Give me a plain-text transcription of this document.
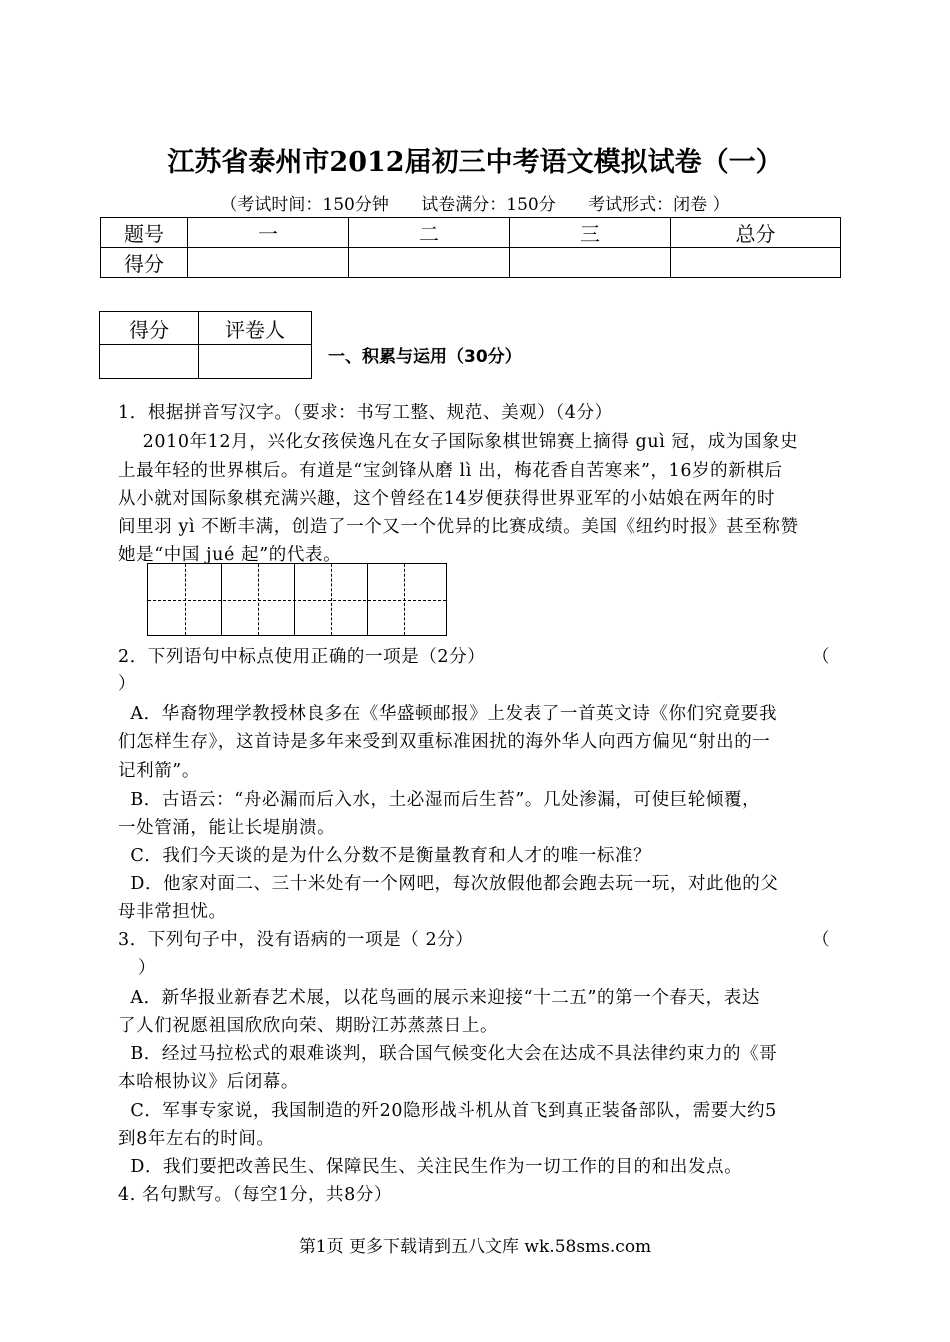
江苏省泰州市2012届初三中考语文模拟试卷（一）
（考试时间：150分钟      试卷满分：150分      考试形式：闭卷 ）
题号	一	二	三	总分
得分				
得分	评卷人

一、积累与运用（30分）
1．根据拼音写汉字。（要求：书写工整、规范、美观）（4分）
2010年12月，兴化女孩侯逸凡在女子国际象棋世锦赛上摘得 guì 冠，成为国象史
上最年轻的世界棋后。有道是“宝剑锋从磨 lì 出，梅花香自苦寒来”，16岁的新棋后
从小就对国际象棋充满兴趣，这个曾经在14岁便获得世界亚军的小姑娘在两年的时
间里羽 yì 不断丰满，创造了一个又一个优异的比赛成绩。美国《纽约时报》甚至称赞
她是“中国 jué 起”的代表。
2．下列语句中标点使用正确的一项是（2分）	（
）
A．华裔物理学教授林良多在《华盛顿邮报》上发表了一首英文诗《你们究竟要我
们怎样生存》，这首诗是多年来受到双重标准困扰的海外华人向西方偏见“射出的一
记利箭”。
B．古语云：“舟必漏而后入水，土必湿而后生苔”。几处渗漏，可使巨轮倾覆，
一处管涌，能让长堤崩溃。
C．我们今天谈的是为什么分数不是衡量教育和人才的唯一标准？
D．他家对面二、三十米处有一个网吧，每次放假他都会跑去玩一玩，对此他的父
母非常担忧。
3．下列句子中，没有语病的一项是（ 2分）	（
）
A．新华报业新春艺术展，以花鸟画的展示来迎接“十二五”的第一个春天，表达
了人们祝愿祖国欣欣向荣、期盼江苏蒸蒸日上。
B．经过马拉松式的艰难谈判，联合国气候变化大会在达成不具法律约束力的《哥
本哈根协议》后闭幕。
C．军事专家说，我国制造的歼20隐形战斗机从首飞到真正装备部队，需要大约5
到8年左右的时间。
D．我们要把改善民生、保障民生、关注民生作为一切工作的目的和出发点。
4. 名句默写。（每空1分，共8分）
第1页 更多下载请到五八文库 wk.58sms.com
